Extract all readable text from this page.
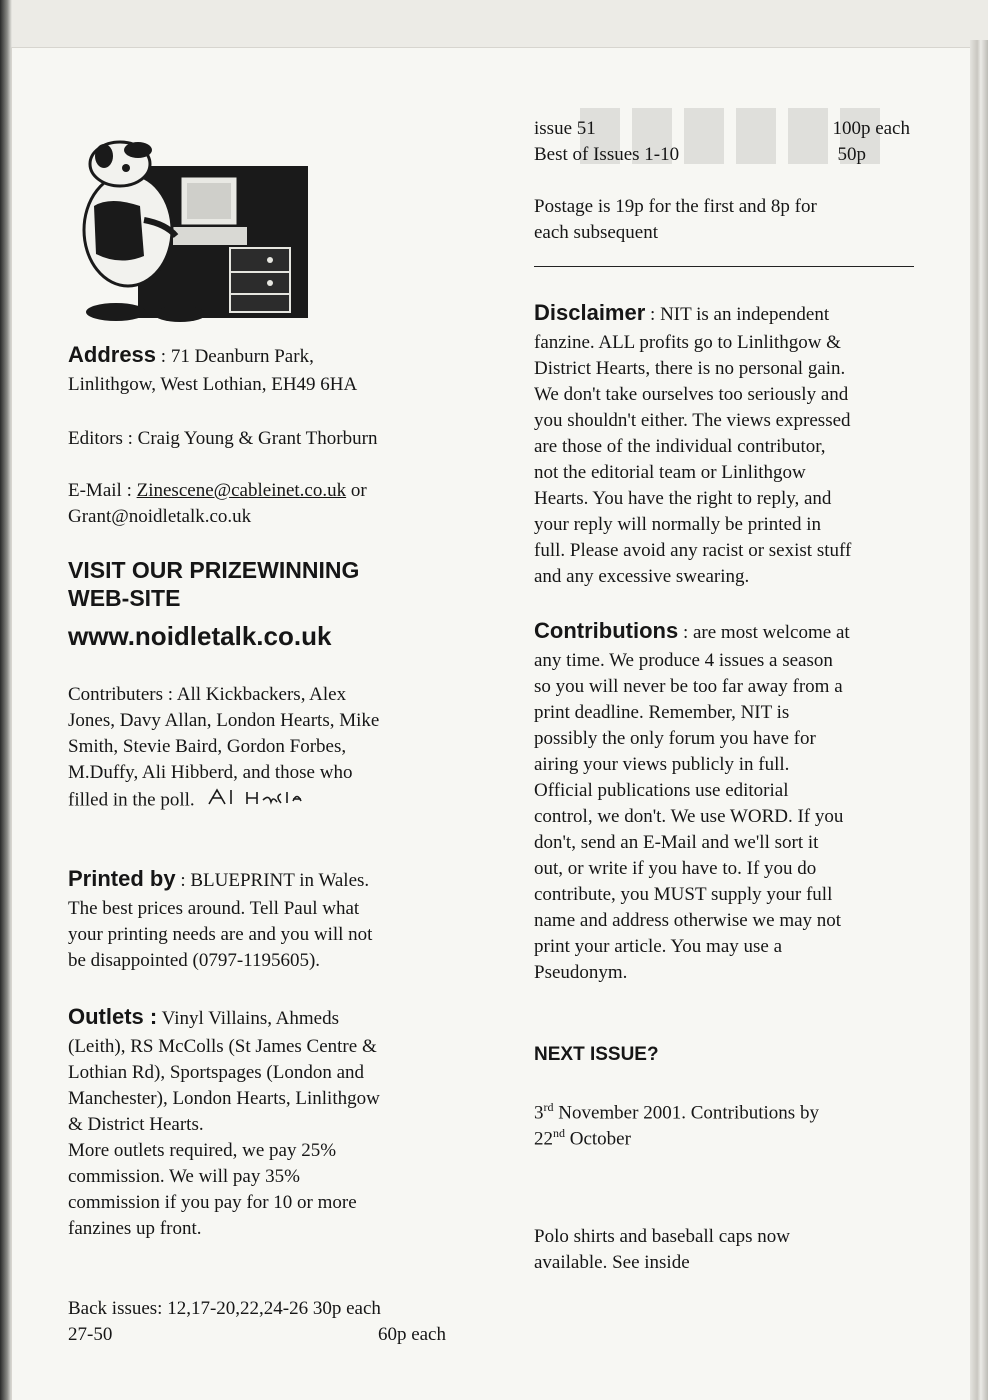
Address : 71 Deanburn Park,
Linlithgow, West Lothian, EH49 6HA
Editors : Craig Young & Grant Thorburn
E-Mail : Zinescene@cableinet.co.uk or
Grant@noidletalk.co.uk
VISIT OUR PRIZEWINNING
WEB-SITE
www.noidletalk.co.uk
Contributers : All Kickbackers, Alex
Jones, Davy Allan, London Hearts, Mike
Smith, Stevie Baird, Gordon Forbes,
M.Duffy, Ali Hibberd, and those who
filled in the poll.
Printed by : BLUEPRINT in Wales.
The best prices around. Tell Paul what
your printing needs are and you will not
be disappointed (0797-1195605).
Outlets : Vinyl Villains, Ahmeds
(Leith), RS McColls (St James Centre &
Lothian Rd), Sportspages (London and
Manchester), London Hearts, Linlithgow
& District Hearts.
More outlets required, we pay 25%
commission. We will pay 35%
commission if you pay for 10 or more
fanzines up front.
Back issues: 12,17-20,22,24-26 30p each
27-50	60p each
issue 51	100p each
Best of Issues 1-10	50p
Postage is 19p for the first and 8p for
each subsequent
Disclaimer : NIT is an independent
fanzine. ALL profits go to Linlithgow &
District Hearts, there is no personal gain.
We don't take ourselves too seriously and
you shouldn't either. The views expressed
are those of the individual contributor,
not the editorial team or Linlithgow
Hearts. You have the right to reply, and
your reply will normally be printed in
full. Please avoid any racist or sexist stuff
and any excessive swearing.
Contributions : are most welcome at
any time. We produce 4 issues a season
so you will never be too far away from a
print deadline. Remember, NIT is
possibly the only forum you have for
airing your views publicly in full.
Official publications use editorial
control, we don't. We use WORD. If you
don't, send an E-Mail and we'll sort it
out, or write if you have to. If you do
contribute, you MUST supply your full
name and address otherwise we may not
print your article. You may use a
Pseudonym.
NEXT ISSUE?
3rd November 2001. Contributions by
22nd October
Polo shirts and baseball caps now
available. See inside
